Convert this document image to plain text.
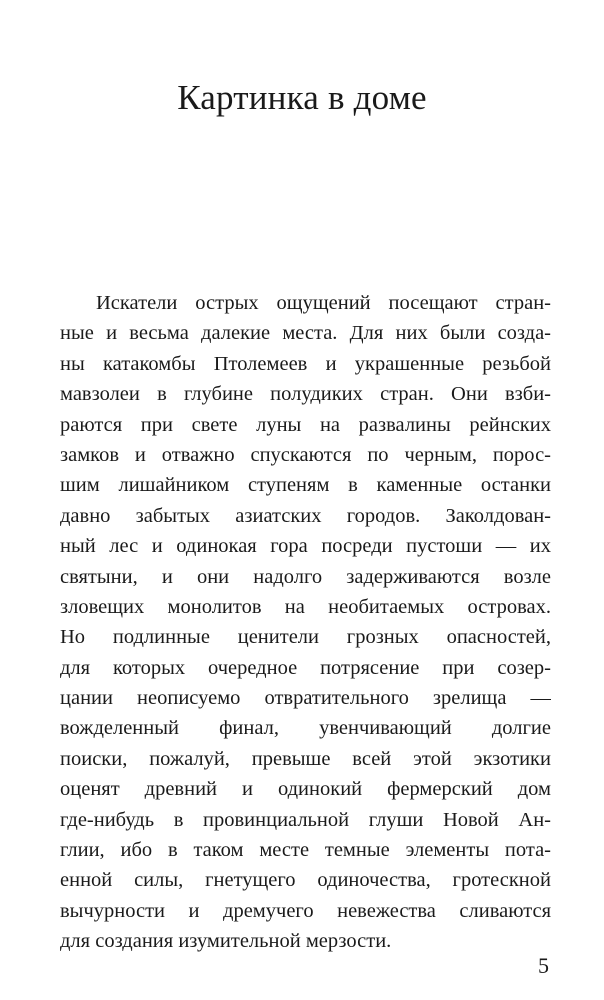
Картинка в доме
Искатели острых ощущений посещают стран-
ные и весьма далекие места. Для них были созда-
ны катакомбы Птолемеев и украшенные резьбой
мавзолеи в глубине полудиких стран. Они взби-
раются при свете луны на развалины рейнских
замков и отважно спускаются по черным, порос-
шим лишайником ступеням в каменные останки
давно забытых азиатских городов. Заколдован-
ный лес и одинокая гора посреди пустоши — их
святыни, и они надолго задерживаются возле
зловещих монолитов на необитаемых островах.
Но подлинные ценители грозных опасностей,
для которых очередное потрясение при созер-
цании неописуемо отвратительного зрелища —
вожделенный финал, увенчивающий долгие
поиски, пожалуй, превыше всей этой экзотики
оценят древний и одинокий фермерский дом
где-нибудь в провинциальной глуши Новой Ан-
глии, ибо в таком месте темные элементы пота-
енной силы, гнетущего одиночества, гротескной
вычурности и дремучего невежества сливаются
для создания изумительной мерзости.
5
